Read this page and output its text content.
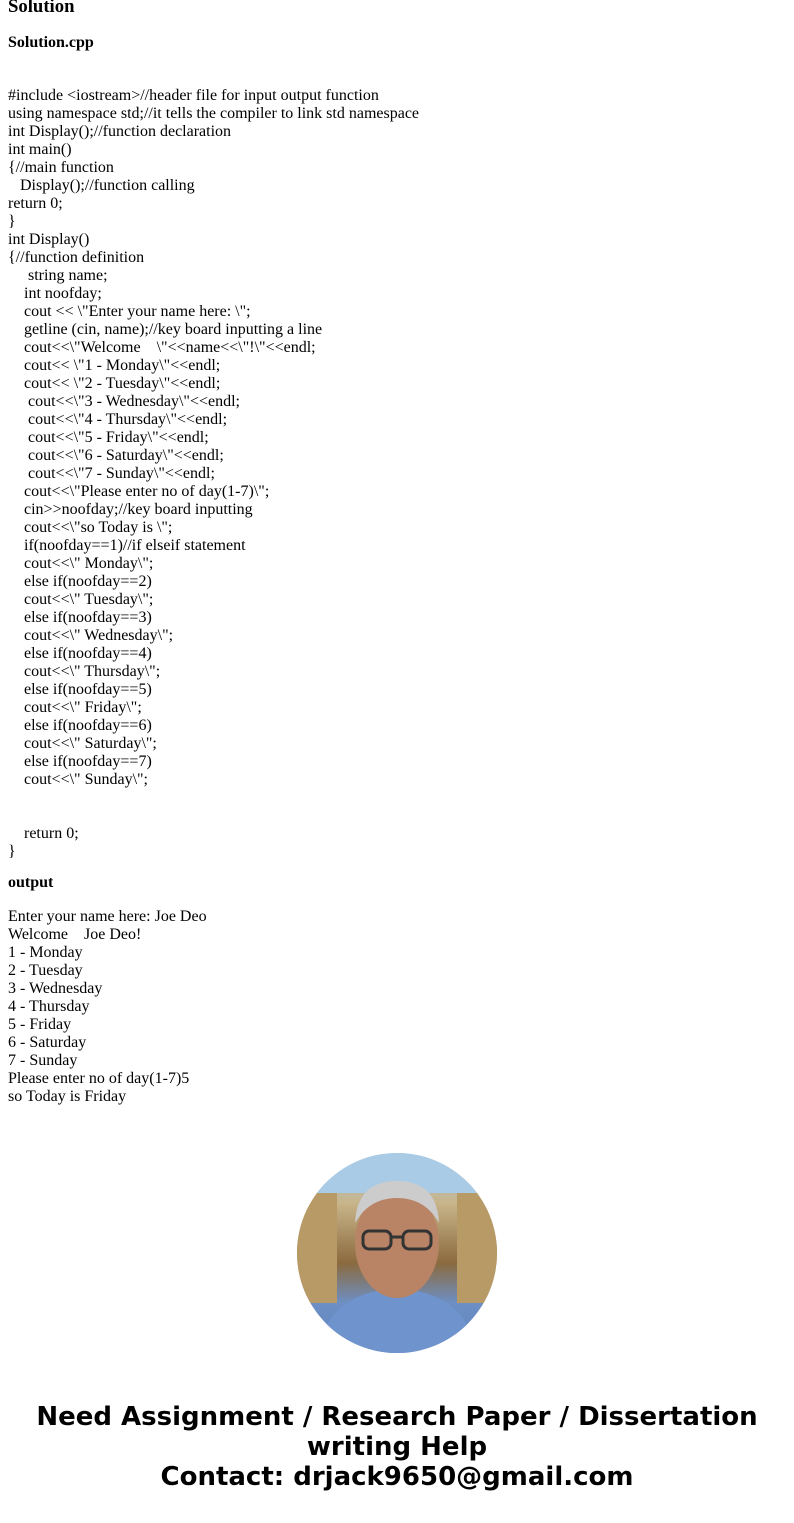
Solution
Solution.cpp
#include <iostream>//header file for input output function
using namespace std;//it tells the compiler to link std namespace
int Display();//function declaration
int main()
{//main function
Display();//function calling
return 0;
}
int Display()
{//function definition
string name;
int noofday;
cout << \"Enter your name here: \";
getline (cin, name);//key board inputting a line
cout<<\"Welcome    \"<<name<<\"!\"<<endl;
cout<< \"1 - Monday\"<<endl;
cout<< \"2 - Tuesday\"<<endl;
cout<<\"3 - Wednesday\"<<endl;
cout<<\"4 - Thursday\"<<endl;
cout<<\"5 - Friday\"<<endl;
cout<<\"6 - Saturday\"<<endl;
cout<<\"7 - Sunday\"<<endl;
cout<<\"Please enter no of day(1-7)\";
cin>>noofday;//key board inputting
cout<<\"so Today is \";
if(noofday==1)//if elseif statement
cout<<\" Monday\";
else if(noofday==2)
cout<<\" Tuesday\";
else if(noofday==3)
cout<<\" Wednesday\";
else if(noofday==4)
cout<<\" Thursday\";
else if(noofday==5)
cout<<\" Friday\";
else if(noofday==6)
cout<<\" Saturday\";
else if(noofday==7)
cout<<\" Sunday\";
return 0;
}
output
Enter your name here: Joe Deo
Welcome    Joe Deo!
1 - Monday
2 - Tuesday
3 - Wednesday
4 - Thursday
5 - Friday
6 - Saturday
7 - Sunday
Please enter no of day(1-7)5
so Today is Friday
Need Assignment / Research Paper / Dissertation
writing Help
Contact: drjack9650@gmail.com
